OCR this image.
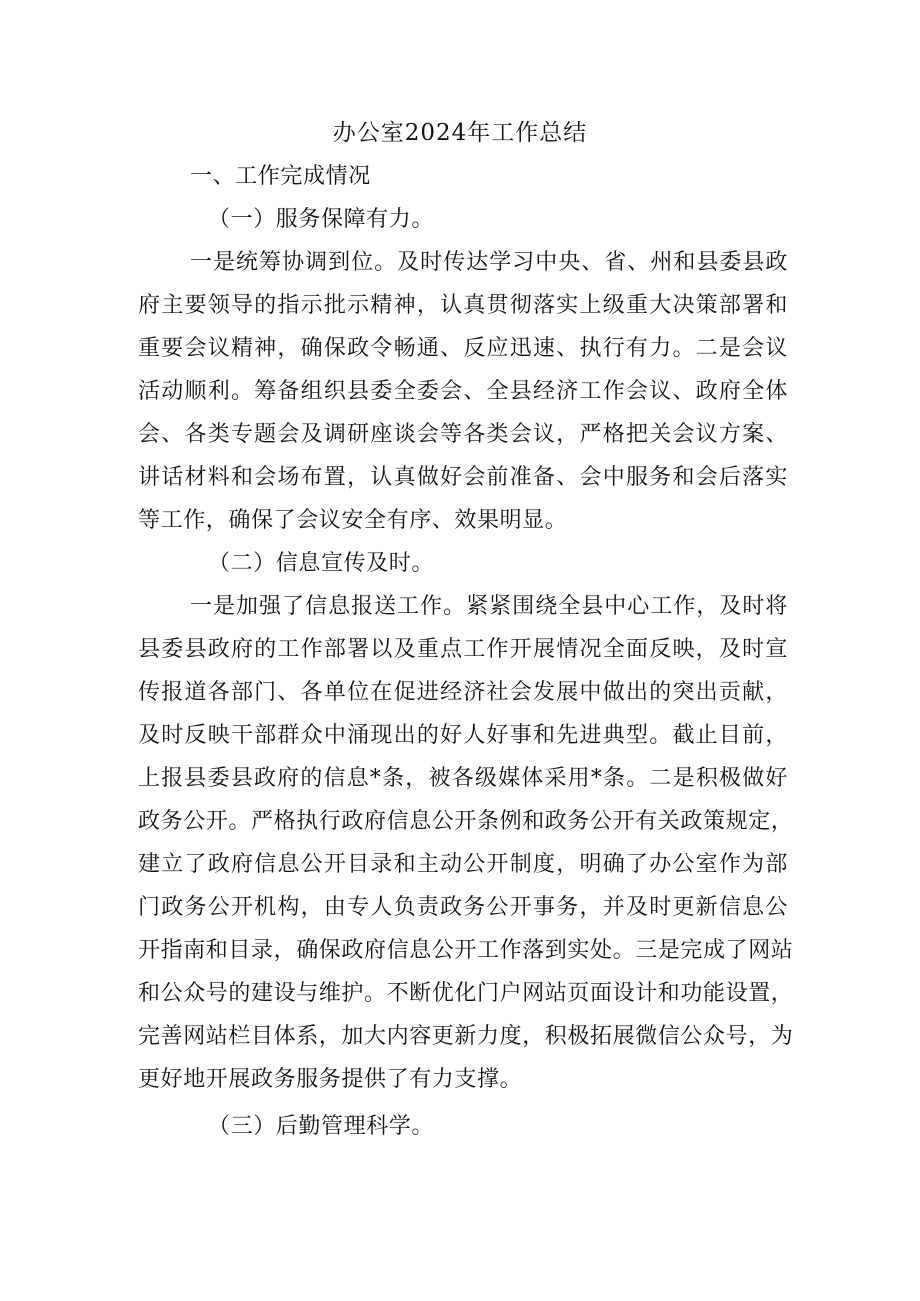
办公室2024年工作总结
一、工作完成情况
（一）服务保障有力。
一是统筹协调到位。及时传达学习中央、省、州和县委县政
府主要领导的指示批示精神，认真贯彻落实上级重大决策部署和
重要会议精神，确保政令畅通、反应迅速、执行有力。二是会议
活动顺利。筹备组织县委全委会、全县经济工作会议、政府全体
会、各类专题会及调研座谈会等各类会议，严格把关会议方案、
讲话材料和会场布置，认真做好会前准备、会中服务和会后落实
等工作，确保了会议安全有序、效果明显。
（二）信息宣传及时。
一是加强了信息报送工作。紧紧围绕全县中心工作，及时将
县委县政府的工作部署以及重点工作开展情况全面反映，及时宣
传报道各部门、各单位在促进经济社会发展中做出的突出贡献，
及时反映干部群众中涌现出的好人好事和先进典型。截止目前，
上报县委县政府的信息*条，被各级媒体采用*条。二是积极做好
政务公开。严格执行政府信息公开条例和政务公开有关政策规定，
建立了政府信息公开目录和主动公开制度，明确了办公室作为部
门政务公开机构，由专人负责政务公开事务，并及时更新信息公
开指南和目录，确保政府信息公开工作落到实处。三是完成了网站
和公众号的建设与维护。不断优化门户网站页面设计和功能设置，
完善网站栏目体系，加大内容更新力度，积极拓展微信公众号，为
更好地开展政务服务提供了有力支撑。
（三）后勤管理科学。
